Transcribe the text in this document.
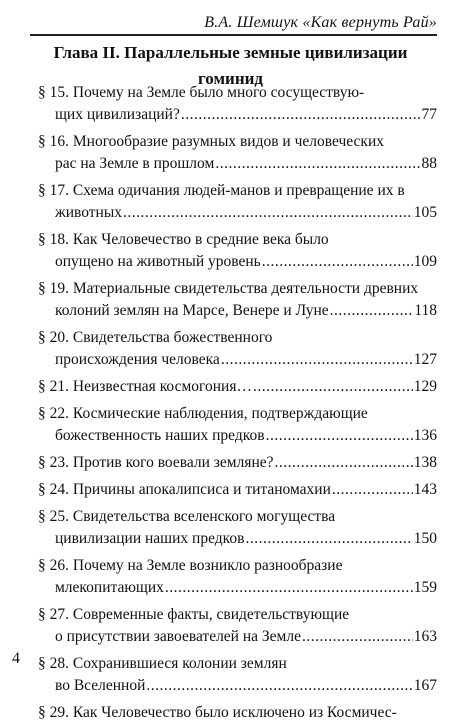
В.А. Шемшук «Как вернуть Рай»
Глава II. Параллельные земные цивилизации
гоминид
§ 15. Почему на Земле было много сосуществую-
щих цивилизаций? .....	77
§ 16. Многообразие разумных видов и человеческих
рас на Земле в прошлом .....	88
§ 17. Схема одичания людей-манов и превращение их в
животных .....	105
§ 18. Как Человечество в средние века было
опущено на животный уровень .....	109
§ 19. Материальные свидетельства деятельности древних
колоний землян на Марсе, Венере и Луне .....	118
§ 20. Свидетельства божественного
происхождения человека .....	127
§ 21.
Неизвестная космогония… .....	129
§ 22. Космические наблюдения, подтверждающие
божественность наших предков .....	136
§ 23.
Против кого воевали земляне? .....	138
§ 24.
Причины апокалипсиса и титаномахии .....	143
§ 25. Свидетельства вселенского могущества
цивилизации наших предков .....	150
§ 26. Почему на Земле возникло разнообразие
млекопитающих .....	159
§ 27. Современные факты, свидетельствующие
о присутствии завоевателей на Земле .....	163
§ 28. Сохранившиеся колонии землян
во Вселенной .....	167
§ 29. Как Человечество было исключено из Космичес-
4
